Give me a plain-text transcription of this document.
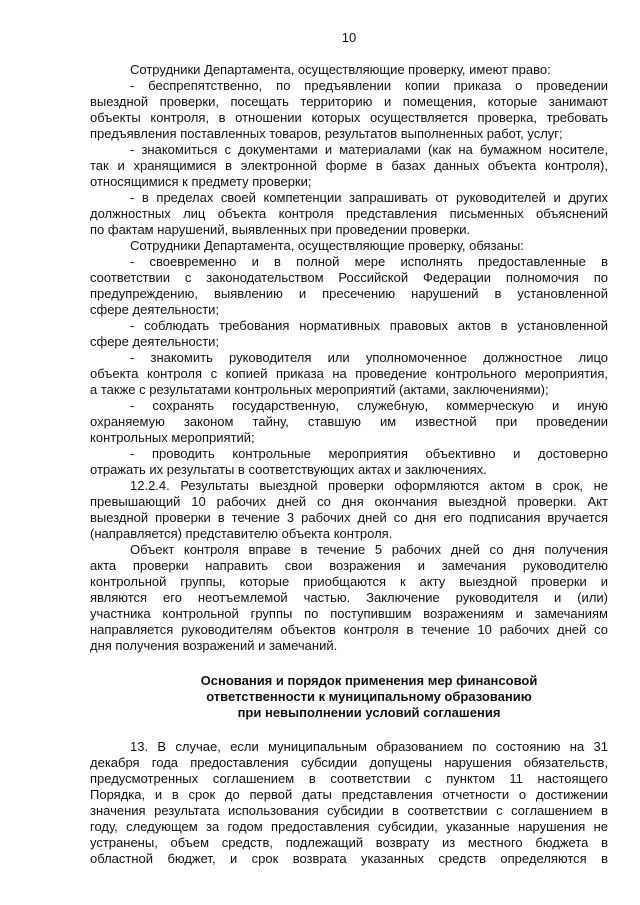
10
Сотрудники Департамента, осуществляющие проверку, имеют право:
- беспрепятственно, по предъявлении копии приказа о проведении
выездной проверки, посещать территорию и помещения, которые занимают
объекты контроля, в отношении которых осуществляется проверка, требовать
предъявления поставленных товаров, результатов выполненных работ, услуг;
- знакомиться с документами и материалами (как на бумажном носителе,
так и хранящимися в электронной форме в базах данных объекта контроля),
относящимися к предмету проверки;
- в пределах своей компетенции запрашивать от руководителей и других
должностных лиц объекта контроля представления письменных объяснений
по фактам нарушений, выявленных при проведении проверки.
Сотрудники Департамента, осуществляющие проверку, обязаны:
- своевременно и в полной мере исполнять предоставленные в
соответствии с законодательством Российской Федерации полномочия по
предупреждению, выявлению и пресечению нарушений в установленной
сфере деятельности;
- соблюдать требования нормативных правовых актов в установленной
сфере деятельности;
- знакомить руководителя или уполномоченное должностное лицо
объекта контроля с копией приказа на проведение контрольного мероприятия,
а также с результатами контрольных мероприятий (актами, заключениями);
- сохранять государственную, служебную, коммерческую и иную
охраняемую законом тайну, ставшую им известной при проведении
контрольных мероприятий;
- проводить контрольные мероприятия объективно и достоверно
отражать их результаты в соответствующих актах и заключениях.
12.2.4. Результаты выездной проверки оформляются актом в срок, не
превышающий 10 рабочих дней со дня окончания выездной проверки. Акт
выездной проверки в течение 3 рабочих дней со дня его подписания вручается
(направляется) представителю объекта контроля.
Объект контроля вправе в течение 5 рабочих дней со дня получения
акта проверки направить свои возражения и замечания руководителю
контрольной группы, которые приобщаются к акту выездной проверки и
являются его неотъемлемой частью. Заключение руководителя и (или)
участника контрольной группы по поступившим возражениям и замечаниям
направляется руководителям объектов контроля в течение 10 рабочих дней со
дня получения возражений и замечаний.
Основания и порядок применения мер финансовой
ответственности к муниципальному образованию
при невыполнении условий соглашения
13. В случае, если муниципальным образованием по состоянию на 31
декабря года предоставления субсидии допущены нарушения обязательств,
предусмотренных соглашением в соответствии с пунктом 11 настоящего
Порядка, и в срок до первой даты представления отчетности о достижении
значения результата использования субсидии в соответствии с соглашением в
году, следующем за годом предоставления субсидии, указанные нарушения не
устранены, объем средств, подлежащий возврату из местного бюджета в
областной бюджет, и срок возврата указанных средств определяются в
